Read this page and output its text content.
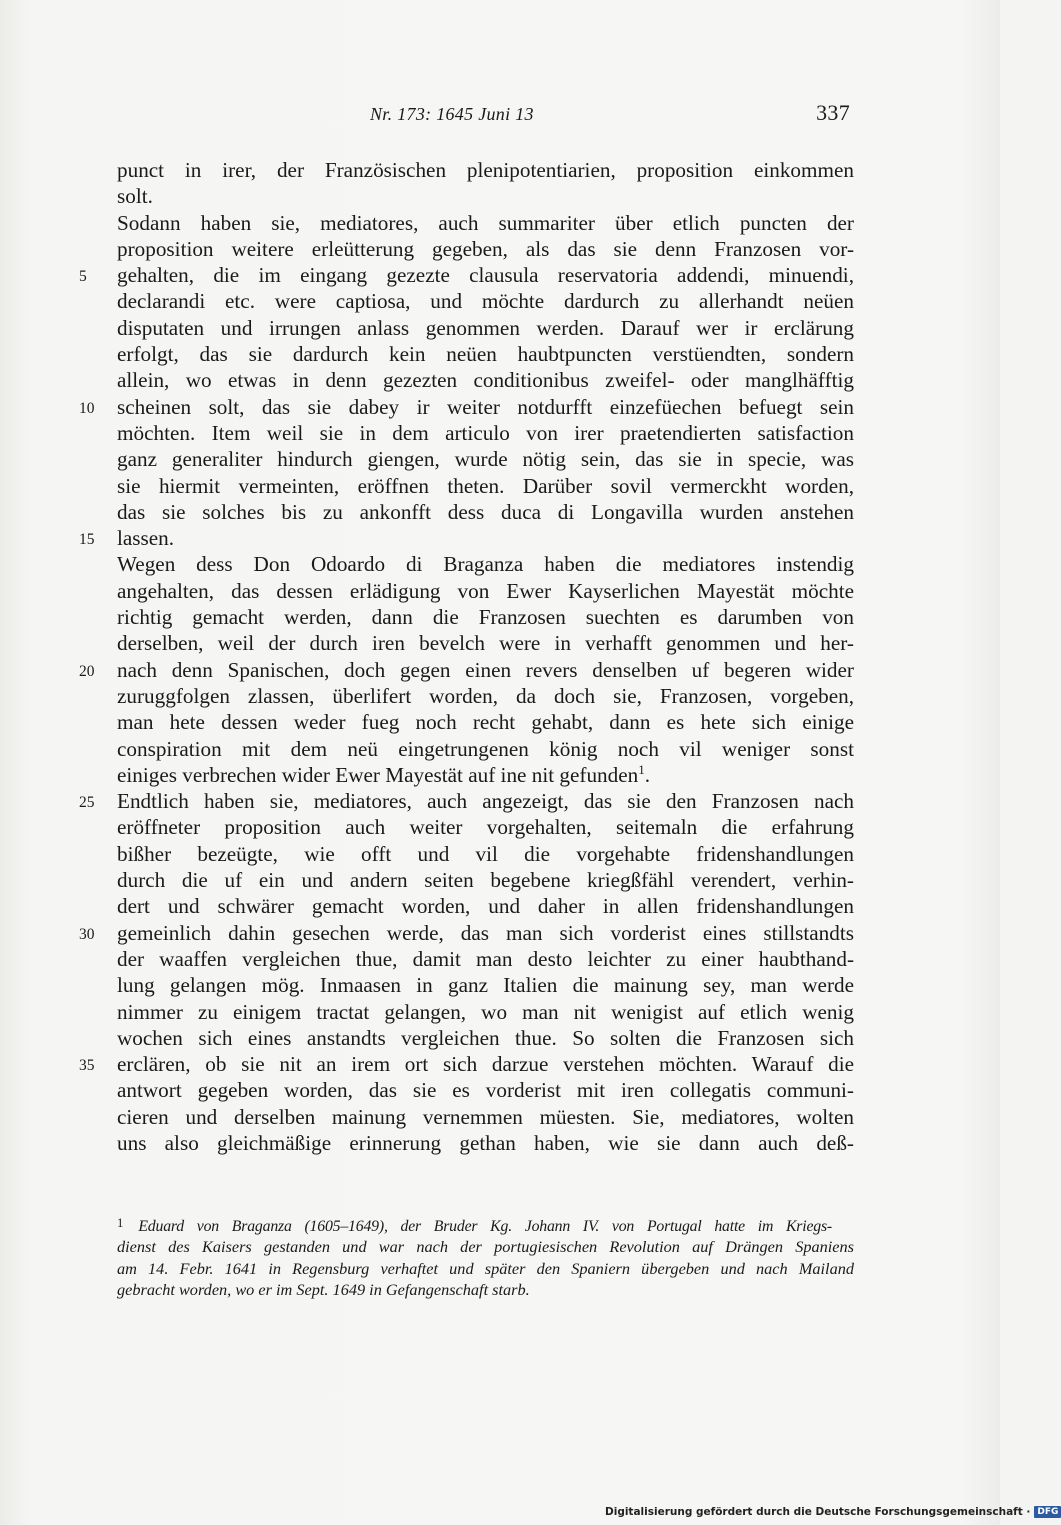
Nr. 173: 1645 Juni 13	337
punct in irer, der Französischen plenipotentiarien, proposition einkommen
solt.
Sodann haben sie, mediatores, auch summariter über etlich puncten der
proposition weitere erleütterung gegeben, als das sie denn Franzosen vor-
5	gehalten, die im eingang gezezte clausula reservatoria addendi, minuendi,
declarandi etc. were captiosa, und möchte dardurch zu allerhandt neüen
disputaten und irrungen anlass genommen werden. Darauf wer ir erclärung
erfolgt, das sie dardurch kein neüen haubtpuncten verstüendten, sondern
allein, wo etwas in denn gezezten conditionibus zweifel- oder manglhäfftig
10	scheinen solt, das sie dabey ir weiter notdurfft einzefüechen befuegt sein
möchten. Item weil sie in dem articulo von irer praetendierten satisfaction
ganz generaliter hindurch giengen, wurde nötig sein, das sie in specie, was
sie hiermit vermeinten, eröffnen theten. Darüber sovil vermerckht worden,
das sie solches bis zu ankonfft dess duca di Longavilla wurden anstehen
15	lassen.
Wegen dess Don Odoardo di Braganza haben die mediatores instendig
angehalten, das dessen erlädigung von Ewer Kayserlichen Mayestät möchte
richtig gemacht werden, dann die Franzosen suechten es darumben von
derselben, weil der durch iren bevelch were in verhafft genommen und her-
20	nach denn Spanischen, doch gegen einen revers denselben uf begeren wider
zuruggfolgen zlassen, überlifert worden, da doch sie, Franzosen, vorgeben,
man hete dessen weder fueg noch recht gehabt, dann es hete sich einige
conspiration mit dem neü eingetrungenen könig noch vil weniger sonst
einiges verbrechen wider Ewer Mayestät auf ine nit gefunden$^1$.
25	Endtlich haben sie, mediatores, auch angezeigt, das sie den Franzosen nach
eröffneter proposition auch weiter vorgehalten, seitemaln die erfahrung
bißher bezeügte, wie offt und vil die vorgehabte fridenshandlungen
durch die uf ein und andern seiten begebene kriegßfähl verendert, verhin-
dert und schwärer gemacht worden, und daher in allen fridenshandlungen
30	gemeinlich dahin gesechen werde, das man sich vorderist eines stillstandts
der waaffen vergleichen thue, damit man desto leichter zu einer haubthand-
lung gelangen mög. Inmaasen in ganz Italien die mainung sey, man werde
nimmer zu einigem tractat gelangen, wo man nit wenigist auf etlich wenig
wochen sich eines anstandts vergleichen thue. So solten die Franzosen sich
35	erclären, ob sie nit an irem ort sich darzue verstehen möchten. Warauf die
antwort gegeben worden, das sie es vorderist mit iren collegatis communi-
cieren und derselben mainung vernemmen müesten. Sie, mediatores, wolten
uns also gleichmäßige erinnerung gethan haben, wie sie dann auch deß-
1 Eduard von Braganza (1605–1649), der Bruder Kg. Johann IV. von Portugal hatte im Kriegs-
dienst des Kaisers gestanden und war nach der portugiesischen Revolution auf Drängen Spaniens
am 14. Febr. 1641 in Regensburg verhaftet und später den Spaniern übergeben und nach Mailand
gebracht worden, wo er im Sept. 1649 in Gefangenschaft starb.
Digitalisierung gefördert durch die Deutsche Forschungsgemeinschaft · DFG
